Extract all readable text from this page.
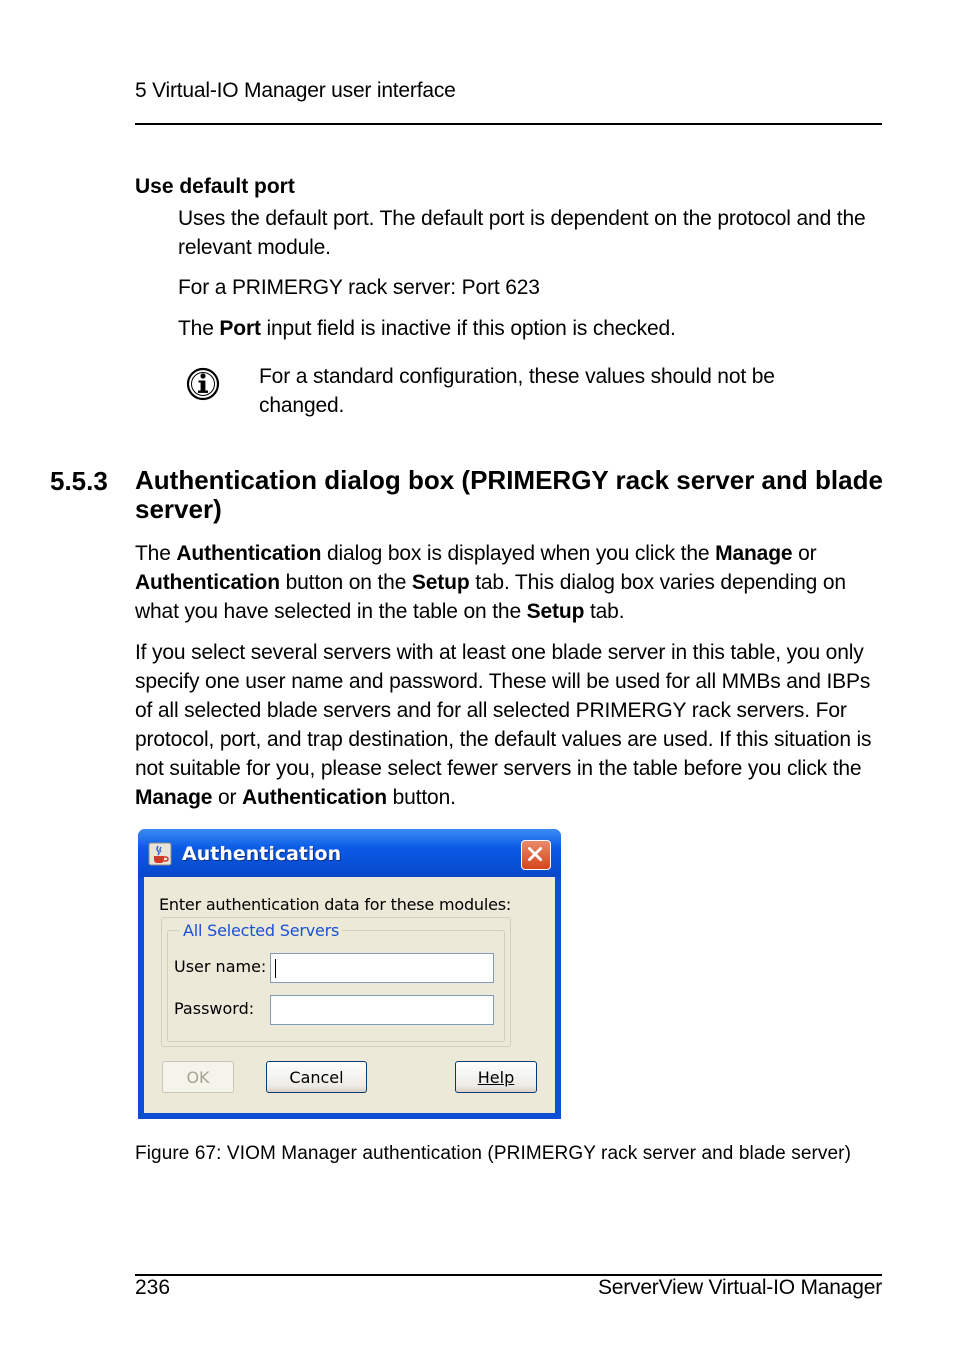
5 Virtual-IO Manager user interface
Use default port
Uses the default port. The default port is dependent on the protocol and the relevant module.
For a PRIMERGY rack server: Port 623
The Port input field is inactive if this option is checked.
For a standard configuration, these values should not be changed.
5.5.3 Authentication dialog box (PRIMERGY rack server and blade server)
The Authentication dialog box is displayed when you click the Manage or Authentication button on the Setup tab. This dialog box varies depending on what you have selected in the table on the Setup tab.
If you select several servers with at least one blade server in this table, you only specify one user name and password. These will be used for all MMBs and IBPs of all selected blade servers and for all selected PRIMERGY rack servers. For protocol, port, and trap destination, the default values are used. If this situation is not suitable for you, please select fewer servers in the table before you click the Manage or Authentication button.
Authentication
Enter authentication data for these modules:
All Selected Servers
User name:
Password:
OK	Cancel	Help
Figure 67: VIOM Manager authentication (PRIMERGY rack server and blade server)
236	ServerView Virtual-IO Manager
